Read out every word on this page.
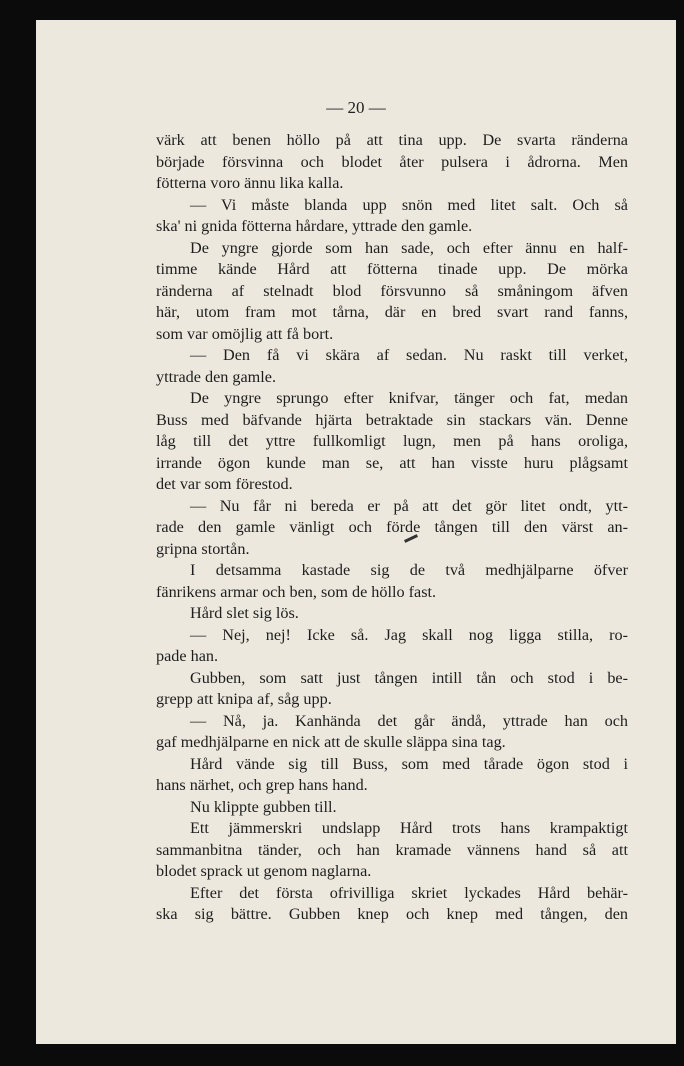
— 20 —
värk att benen höllo på att tina upp. De svarta ränderna
började försvinna och blodet åter pulsera i ådrorna. Men
fötterna voro ännu lika kalla.
— Vi måste blanda upp snön med litet salt. Och så
ska' ni gnida fötterna hårdare, yttrade den gamle.
De yngre gjorde som han sade, och efter ännu en half-
timme kände Hård att fötterna tinade upp. De mörka
ränderna af stelnadt blod försvunno så småningom äfven
här, utom fram mot tårna, där en bred svart rand fanns,
som var omöjlig att få bort.
— Den få vi skära af sedan. Nu raskt till verket,
yttrade den gamle.
De yngre sprungo efter knifvar, tänger och fat, medan
Buss med bäfvande hjärta betraktade sin stackars vän. Denne
låg till det yttre fullkomligt lugn, men på hans oroliga,
irrande ögon kunde man se, att han visste huru plågsamt
det var som förestod.
— Nu får ni bereda er på att det gör litet ondt, ytt-
rade den gamle vänligt och förde tången till den värst an-
gripna stortån.
I detsamma kastade sig de två medhjälparne öfver
fänrikens armar och ben, som de höllo fast.
Hård slet sig lös.
— Nej, nej! Icke så. Jag skall nog ligga stilla, ro-
pade han.
Gubben, som satt just tången intill tån och stod i be-
grepp att knipa af, såg upp.
— Nå, ja. Kanhända det går ändå, yttrade han och
gaf medhjälparne en nick att de skulle släppa sina tag.
Hård vände sig till Buss, som med tårade ögon stod i
hans närhet, och grep hans hand.
Nu klippte gubben till.
Ett jämmerskri undslapp Hård trots hans krampaktigt
sammanbitna tänder, och han kramade vännens hand så att
blodet sprack ut genom naglarna.
Efter det första ofrivilliga skriet lyckades Hård behär-
ska sig bättre. Gubben knep och knep med tången, den
